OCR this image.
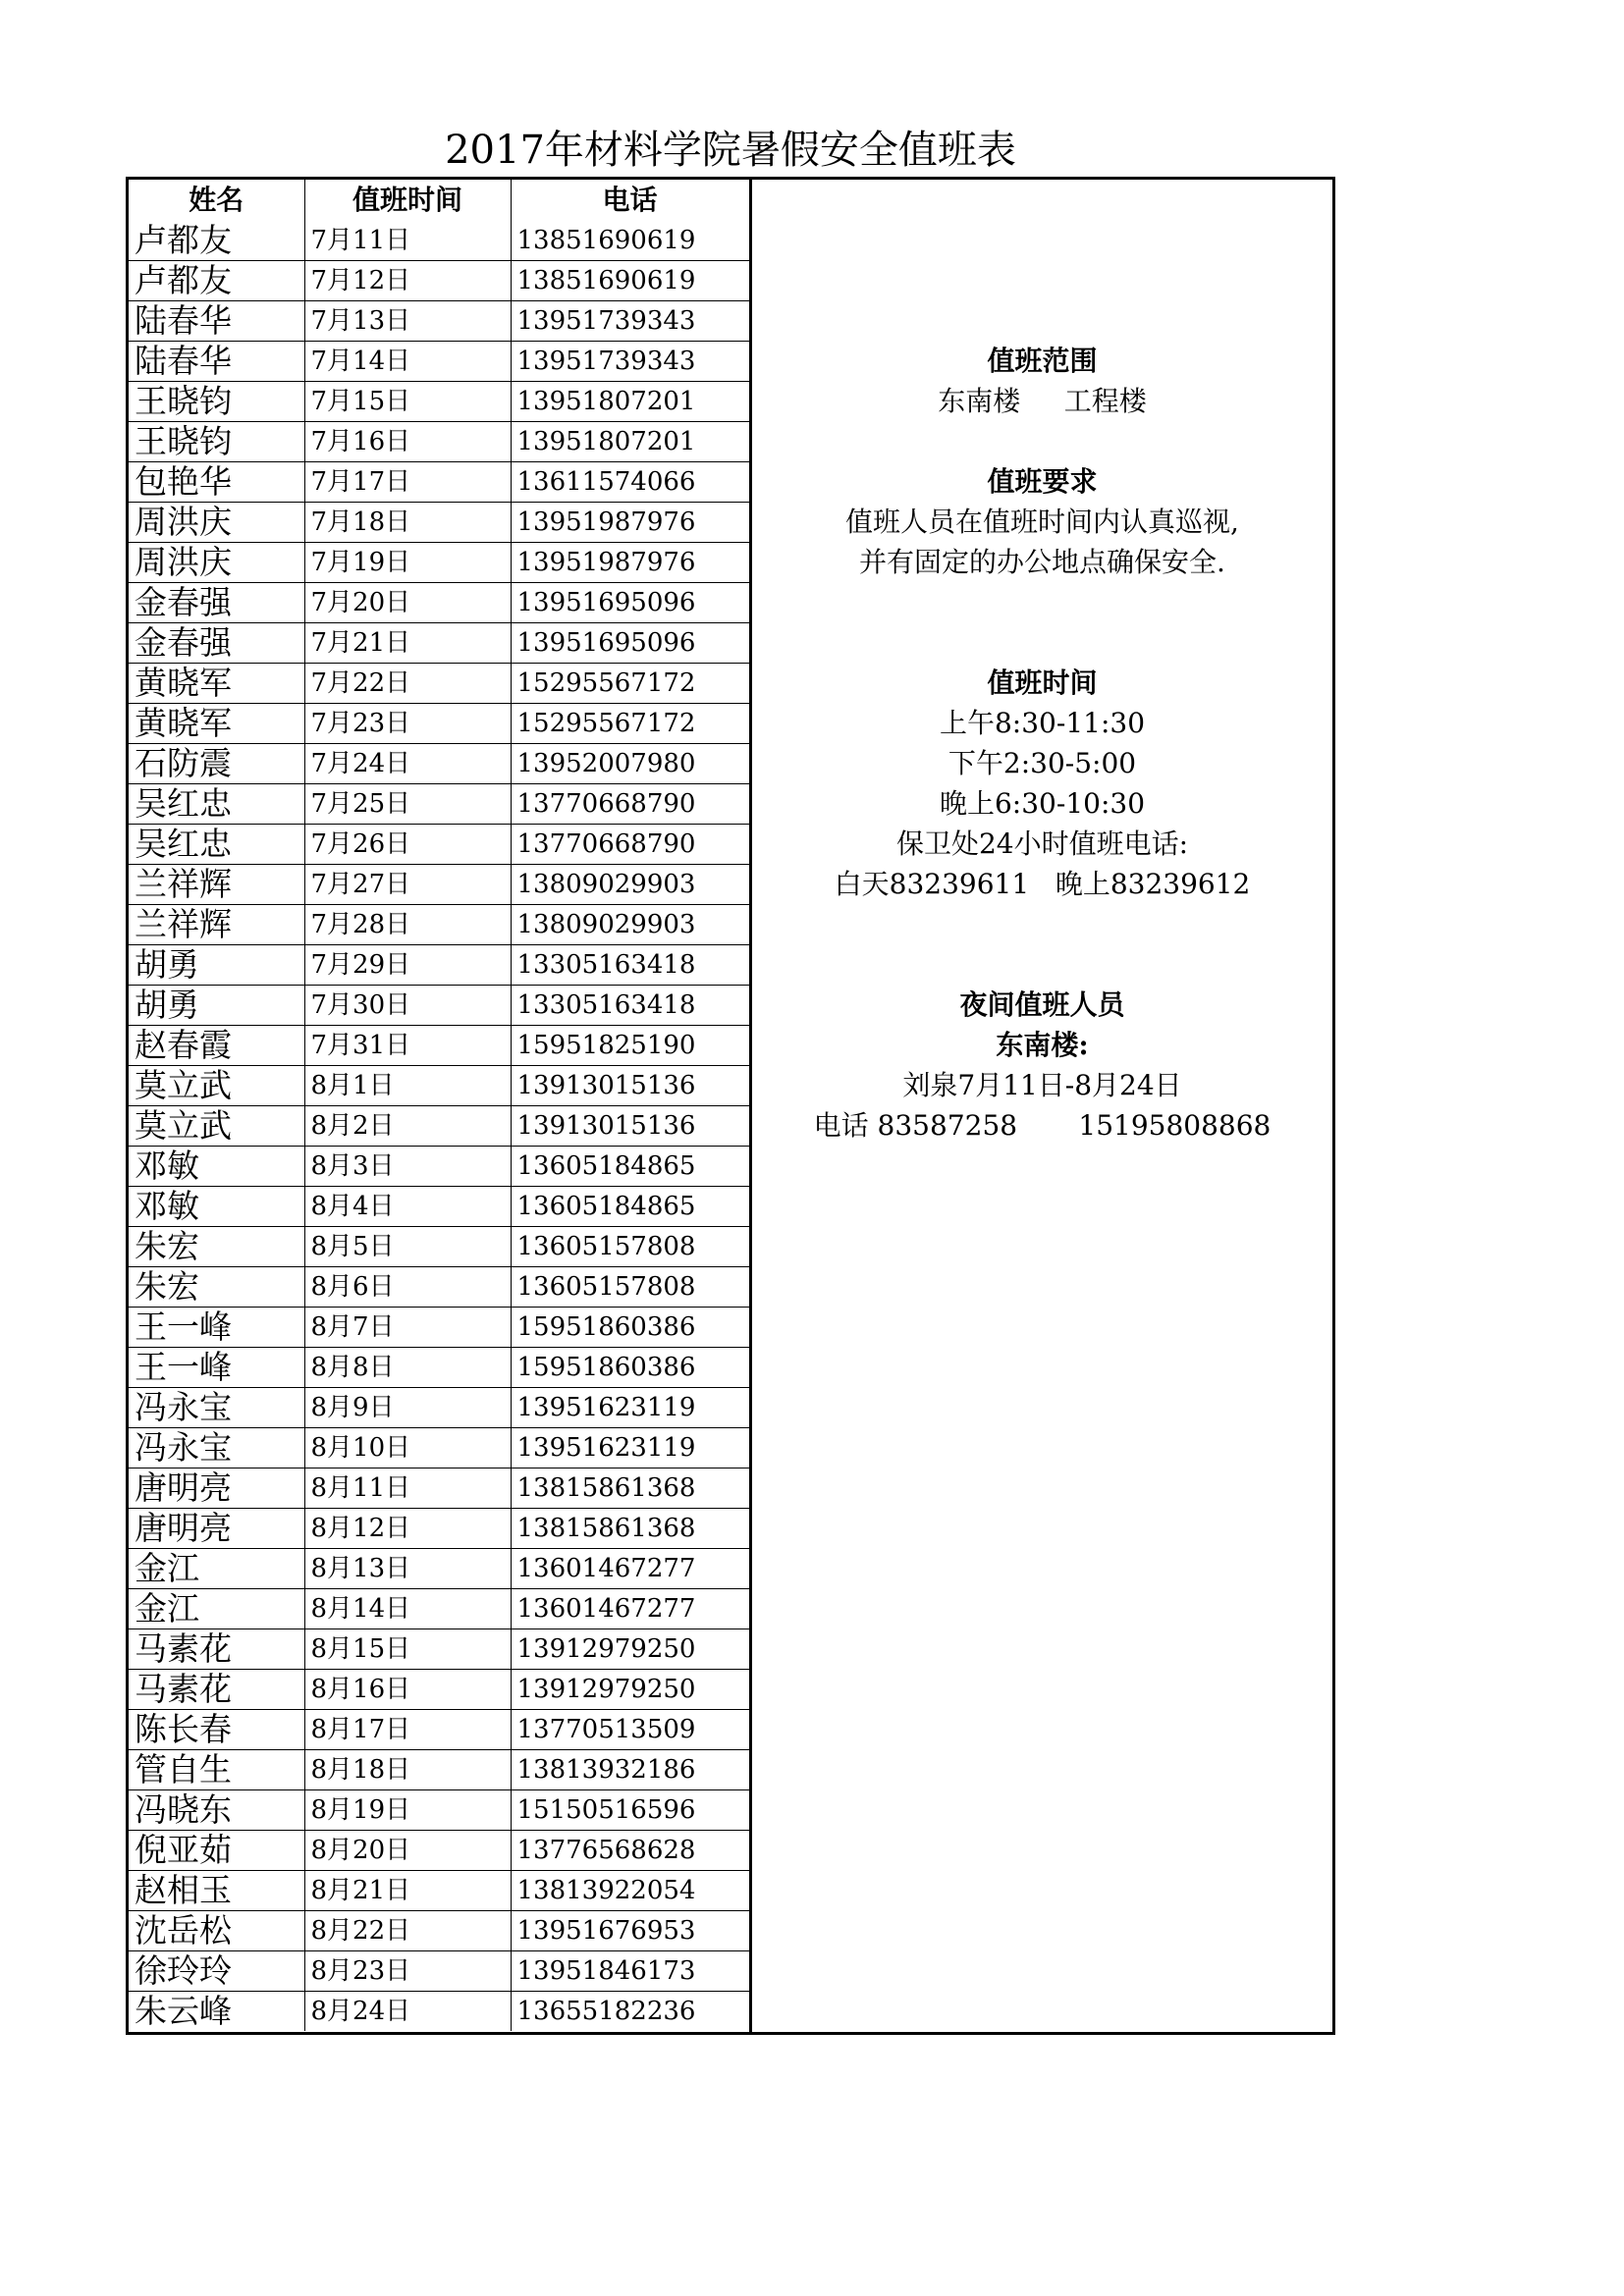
2017年材料学院暑假安全值班表
姓名	值班时间	电话
卢都友	7月11日	13851690619
卢都友	7月12日	13851690619
陆春华	7月13日	13951739343
陆春华	7月14日	13951739343
王晓钧	7月15日	13951807201
王晓钧	7月16日	13951807201
包艳华	7月17日	13611574066
周洪庆	7月18日	13951987976
周洪庆	7月19日	13951987976
金春强	7月20日	13951695096
金春强	7月21日	13951695096
黄晓军	7月22日	15295567172
黄晓军	7月23日	15295567172
石防震	7月24日	13952007980
吴红忠	7月25日	13770668790
吴红忠	7月26日	13770668790
兰祥辉	7月27日	13809029903
兰祥辉	7月28日	13809029903
胡勇	7月29日	13305163418
胡勇	7月30日	13305163418
赵春霞	7月31日	15951825190
莫立武	8月1日	13913015136
莫立武	8月2日	13913015136
邓敏	8月3日	13605184865
邓敏	8月4日	13605184865
朱宏	8月5日	13605157808
朱宏	8月6日	13605157808
王一峰	8月7日	15951860386
王一峰	8月8日	15951860386
冯永宝	8月9日	13951623119
冯永宝	8月10日	13951623119
唐明亮	8月11日	13815861368
唐明亮	8月12日	13815861368
金江	8月13日	13601467277
金江	8月14日	13601467277
马素花	8月15日	13912979250
马素花	8月16日	13912979250
陈长春	8月17日	13770513509
管自生	8月18日	13813932186
冯晓东	8月19日	15150516596
倪亚茹	8月20日	13776568628
赵相玉	8月21日	13813922054
沈岳松	8月22日	13951676953
徐玲玲	8月23日	13951846173
朱云峰	8月24日	13655182236
值班范围
东南楼     工程楼
值班要求
值班人员在值班时间内认真巡视,
并有固定的办公地点确保安全.
值班时间
上午8:30-11:30
下午2:30-5:00
晚上6:30-10:30
保卫处24小时值班电话:
白天83239611   晚上83239612
夜间值班人员
东南楼:
刘泉7月11日-8月24日
电话 83587258       15195808868
